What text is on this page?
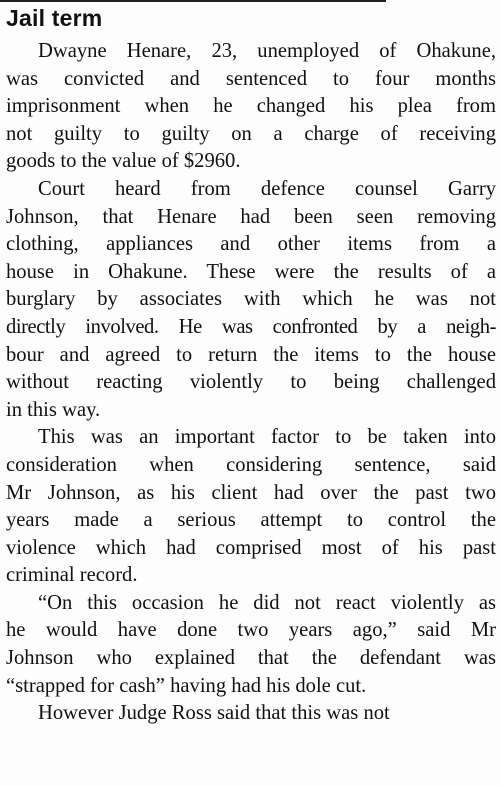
Jail term

Dwayne Henare, 23, unemployed of Ohakune,
was convicted and sentenced to four months
imprisonment when he changed his plea from
not guilty to guilty on a charge of receiving
goods to the value of $2960.

Court heard from defence counsel Garry
Johnson, that Henare had been seen removing
clothing, appliances and other items from a
house in Ohakune. These were the results of a
burglary by associates with which he was not
directly involved. He was confronted by a neigh-
bour and agreed to return the items to the house
without reacting violently to being challenged
in this way.

This was an important factor to be taken into
consideration when considering sentence, said
Mr Johnson, as his client had over the past two
years made a serious attempt to control the
violence which had comprised most of his past
criminal record.

“On this occasion he did not react violently as
he would have done two years ago,” said Mr
Johnson who explained that the defendant was
“strapped for cash” having had his dole cut.

However Judge Ross said that this was not
